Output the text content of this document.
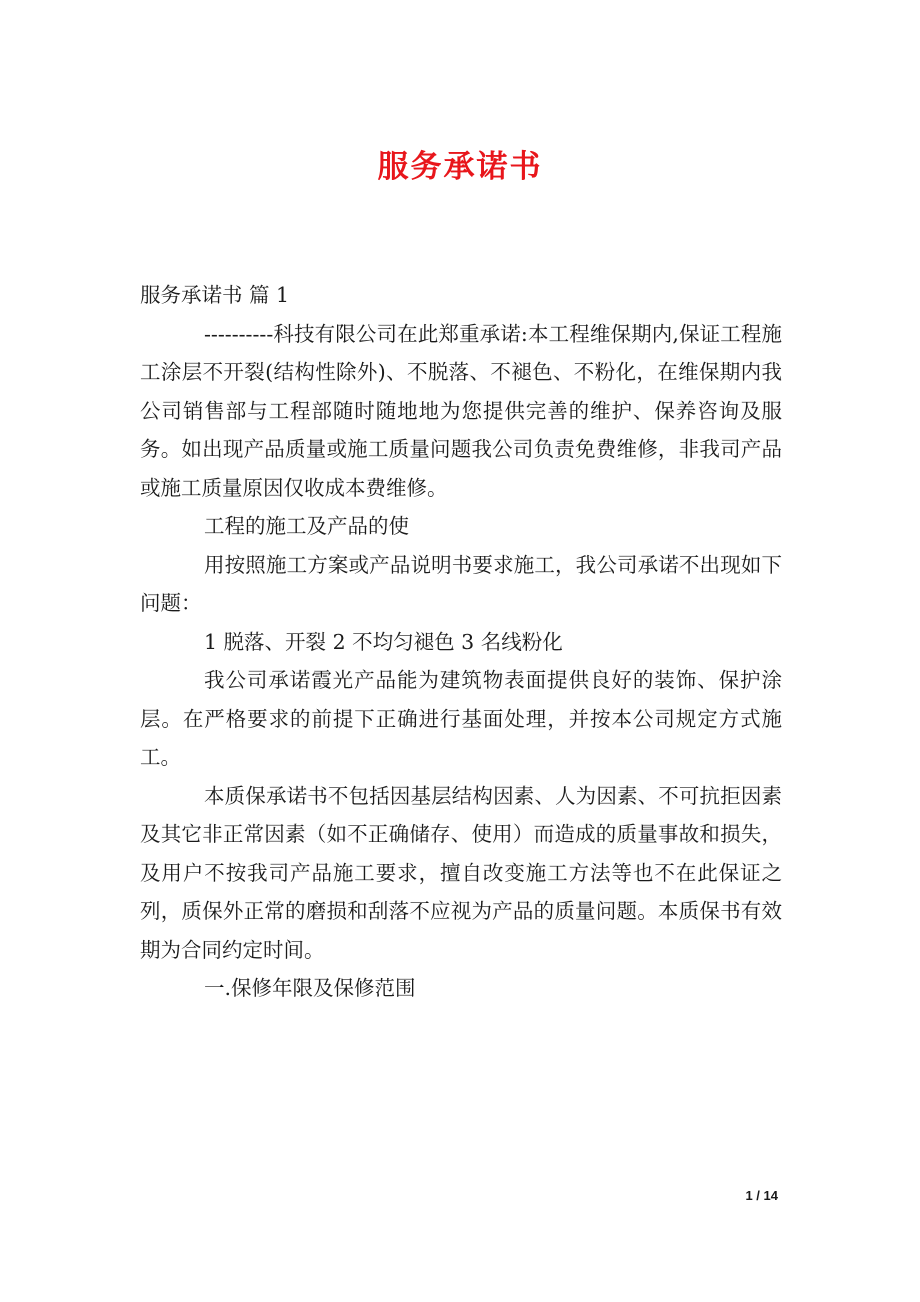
服务承诺书

服务承诺书 篇 1

----------科技有限公司在此郑重承诺:本工程维保期内,保证工程施工涂层不开裂(结构性除外)、不脱落、不褪色、不粉化，在维保期内我公司销售部与工程部随时随地地为您提供完善的维护、保养咨询及服务。如出现产品质量或施工质量问题我公司负责免费维修，非我司产品或施工质量原因仅收成本费维修。

工程的施工及产品的使

用按照施工方案或产品说明书要求施工，我公司承诺不出现如下问题：

1 脱落、开裂 2 不均匀褪色 3 名线粉化

我公司承诺霞光产品能为建筑物表面提供良好的装饰、保护涂层。在严格要求的前提下正确进行基面处理，并按本公司规定方式施工。

本质保承诺书不包括因基层结构因素、人为因素、不可抗拒因素及其它非正常因素（如不正确储存、使用）而造成的质量事故和损失，及用户不按我司产品施工要求，擅自改变施工方法等也不在此保证之列，质保外正常的磨损和刮落不应视为产品的质量问题。本质保书有效期为合同约定时间。

一.保修年限及保修范围

1 / 14
